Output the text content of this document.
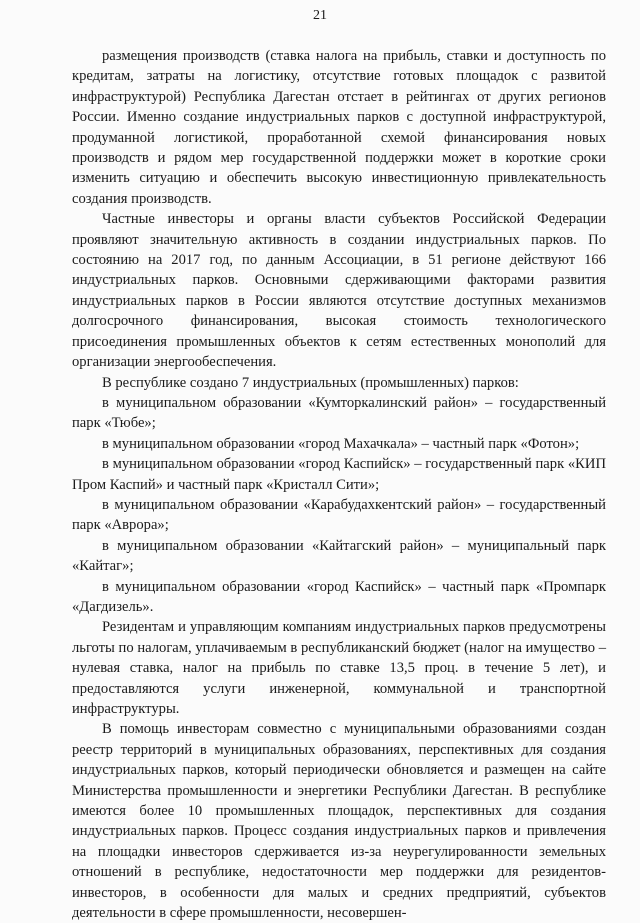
21

размещения производств (ставка налога на прибыль, ставки и доступность по кредитам, затраты на логистику, отсутствие готовых площадок с развитой инфраструктурой) Республика Дагестан отстает в рейтингах от других регионов России. Именно создание индустриальных парков с доступной инфраструктурой, продуманной логистикой, проработанной схемой финансирования новых производств и рядом мер государственной поддержки может в короткие сроки изменить ситуацию и обеспечить высокую инвестиционную привлекательность создания производств.

Частные инвесторы и органы власти субъектов Российской Федерации проявляют значительную активность в создании индустриальных парков. По состоянию на 2017 год, по данным Ассоциации, в 51 регионе действуют 166 индустриальных парков. Основными сдерживающими факторами развития индустриальных парков в России являются отсутствие доступных механизмов долгосрочного финансирования, высокая стоимость технологического присоединения промышленных объектов к сетям естественных монополий для организации энергообеспечения.

В республике создано 7 индустриальных (промышленных) парков:

в муниципальном образовании «Кумторкалинский район» – государственный парк «Тюбе»;

в муниципальном образовании «город Махачкала» – частный парк «Фотон»;

в муниципальном образовании «город Каспийск» – государственный парк «КИП Пром Каспий» и частный парк «Кристалл Сити»;

в муниципальном образовании «Карабудахкентский район» – государственный парк «Аврора»;

в муниципальном образовании «Кайтагский район» – муниципальный парк «Кайтаг»;

в муниципальном образовании «город Каспийск» – частный парк «Промпарк «Дагдизель».

Резидентам и управляющим компаниям индустриальных парков предусмотрены льготы по налогам, уплачиваемым в республиканский бюджет (налог на имущество – нулевая ставка, налог на прибыль по ставке 13,5 проц. в течение 5 лет), и предоставляются услуги инженерной, коммунальной и транспортной инфраструктуры.

В помощь инвесторам совместно с муниципальными образованиями создан реестр территорий в муниципальных образованиях, перспективных для создания индустриальных парков, который периодически обновляется и размещен на сайте Министерства промышленности и энергетики Республики Дагестан. В республике имеются более 10 промышленных площадок, перспективных для создания индустриальных парков. Процесс создания индустриальных парков и привлечения на площадки инвесторов сдерживается из-за неурегулированности земельных отношений в республике, недостаточности мер поддержки для резидентов-инвесторов, в особенности для малых и средних предприятий, субъектов деятельности в сфере промышленности, несовершен-
